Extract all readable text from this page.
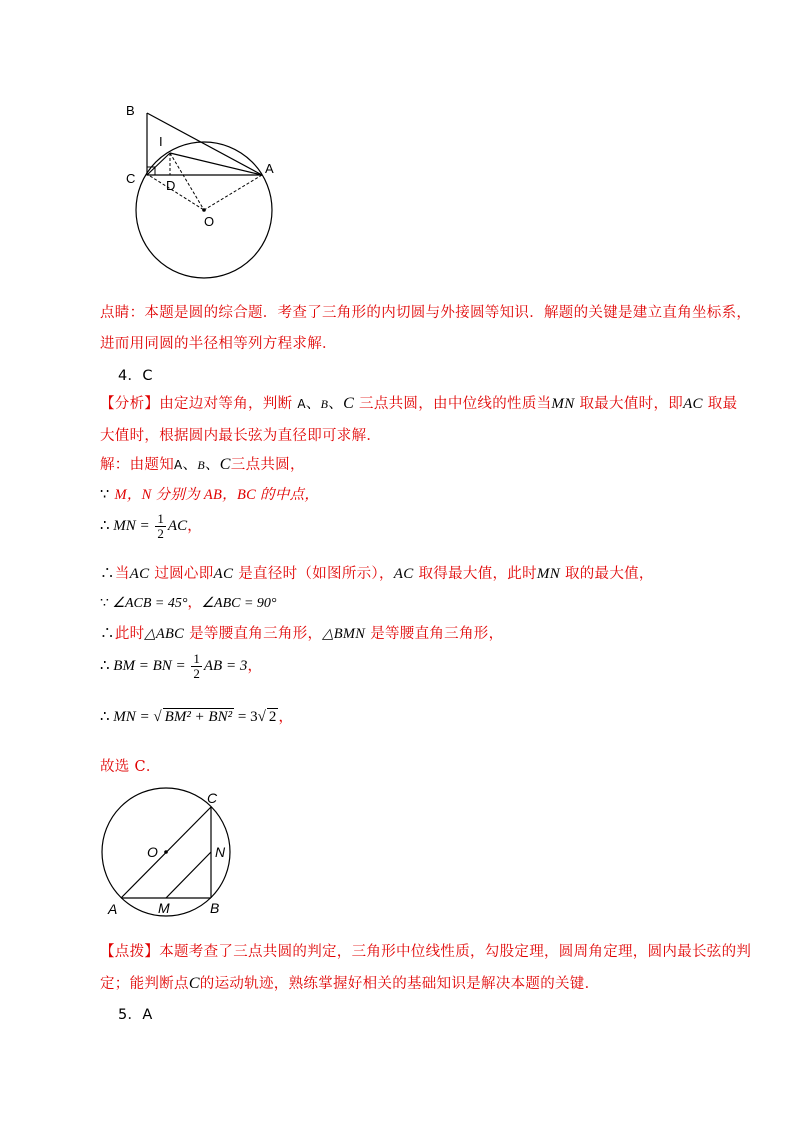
B
I
C D
A
O
点睛：本题是圆的综合题．考查了三角形的内切圆与外接圆等知识．解题的关键是建立直角坐标系，
进而用同圆的半径相等列方程求解．
4．C
【分析】由定边对等角，判断 A、B、C 三点共圆，由中位线的性质当MN 取最大值时，即AC 取最
大值时，根据圆内最长弦为直径即可求解．
解：由题知A、B、C三点共圆，
∵ M，N 分别为 AB，BC 的中点，
∴ MN = $\frac{1}{2}$ AC，
∴当AC 过圆心即AC 是直径时（如图所示），AC 取得最大值，此时MN 取的最大值，
∵ ∠ACB = 45°，∠ABC = 90°
∴此时△ABC 是等腰直角三角形，△BMN 是等腰直角三角形，
∴ BM = BN = $\frac{1}{2}$ AB = 3，
∴ MN = √ BM² + BN² = 3√ 2 ，
故选 C．
C
O	N
A	M	B
【点拨】本题考查了三点共圆的判定，三角形中位线性质，勾股定理，圆周角定理，圆内最长弦的判
定；能判断点C的运动轨迹，熟练掌握好相关的基础知识是解决本题的关键．
5．A
